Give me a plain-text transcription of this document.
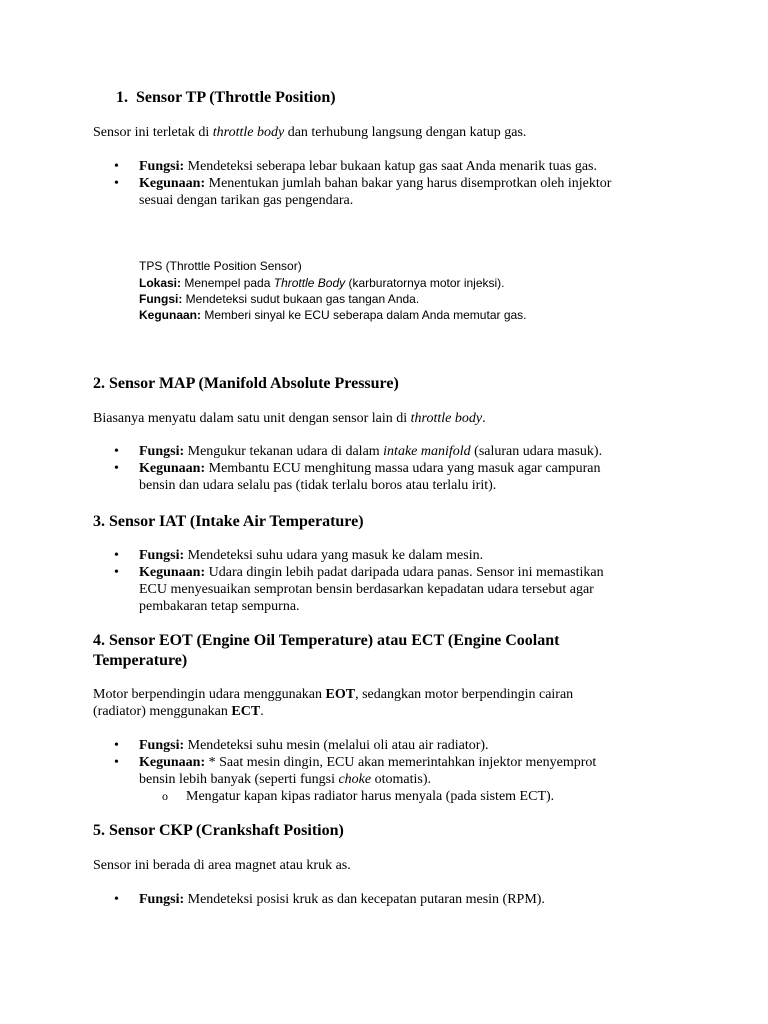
1. Sensor TP (Throttle Position)

Sensor ini terletak di throttle body dan terhubung langsung dengan katup gas.

• Fungsi: Mendeteksi seberapa lebar bukaan katup gas saat Anda menarik tuas gas.

• Kegunaan: Menentukan jumlah bahan bakar yang harus disemprotkan oleh injektor
sesuai dengan tarikan gas pengendara.

TPS (Throttle Position Sensor)

Lokasi: Menempel pada Throttle Body (karburatornya motor injeksi).

Fungsi: Mendeteksi sudut bukaan gas tangan Anda.

Kegunaan: Memberi sinyal ke ECU seberapa dalam Anda memutar gas.

2. Sensor MAP (Manifold Absolute Pressure)

Biasanya menyatu dalam satu unit dengan sensor lain di throttle body.

• Fungsi: Mengukur tekanan udara di dalam intake manifold (saluran udara masuk).

• Kegunaan: Membantu ECU menghitung massa udara yang masuk agar campuran
bensin dan udara selalu pas (tidak terlalu boros atau terlalu irit).

3. Sensor IAT (Intake Air Temperature)
• Fungsi: Mendeteksi suhu udara yang masuk ke dalam mesin.

• Kegunaan: Udara dingin lebih padat daripada udara panas. Sensor ini memastikan
ECU menyesuaikan semprotan bensin berdasarkan kepadatan udara tersebut agar
pembakaran tetap sempurna.

4. Sensor EOT (Engine Oil Temperature) atau ECT (Engine Coolant
Temperature)

Motor berpendingin udara menggunakan EOT, sedangkan motor berpendingin cairan
(radiator) menggunakan ECT.

• Fungsi: Mendeteksi suhu mesin (melalui oli atau air radiator).

• Kegunaan: * Saat mesin dingin, ECU akan memerintahkan injektor menyemprot
bensin lebih banyak (seperti fungsi choke otomatis).

o Mengatur kapan kipas radiator harus menyala (pada sistem ECT).

5. Sensor CKP (Crankshaft Position)

Sensor ini berada di area magnet atau kruk as.

• Fungsi: Mendeteksi posisi kruk as dan kecepatan putaran mesin (RPM).
